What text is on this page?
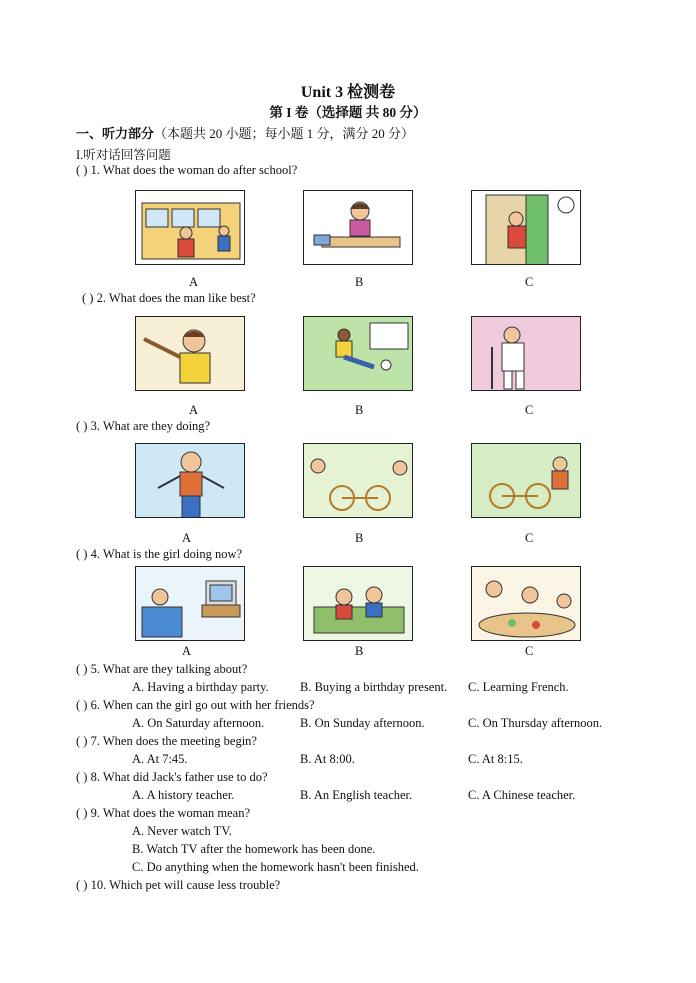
Unit 3 检测卷
第 I 卷（选择题 共 80 分）
一、听力部分（本题共 20 小题；每小题 1 分，满分 20 分）
I.听对话回答问题
( ) 1. What does the woman do after school?
A	B	C
( ) 2. What does the man like best?
A	B	C
( ) 3. What are they doing?
A	B	C
( ) 4. What is the girl doing now?
A	B	C
( ) 5. What are they talking about?
A. Having a birthday party.	B. Buying a birthday present. C. Learning French.
( ) 6. When can the girl go out with her friends?
A. On Saturday afternoon.	B. On Sunday afternoon.	C. On Thursday afternoon.
( ) 7. When does the meeting begin?
A. At 7:45.	B. At 8:00.	C. At 8:15.
( ) 8. What did Jack's father use to do?
A. A history teacher.	B. An English teacher.	C. A Chinese teacher.
( ) 9. What does the woman mean?
A. Never watch TV.
B. Watch TV after the homework has been done.
C. Do anything when the homework hasn't been finished.
( ) 10. Which pet will cause less trouble?
